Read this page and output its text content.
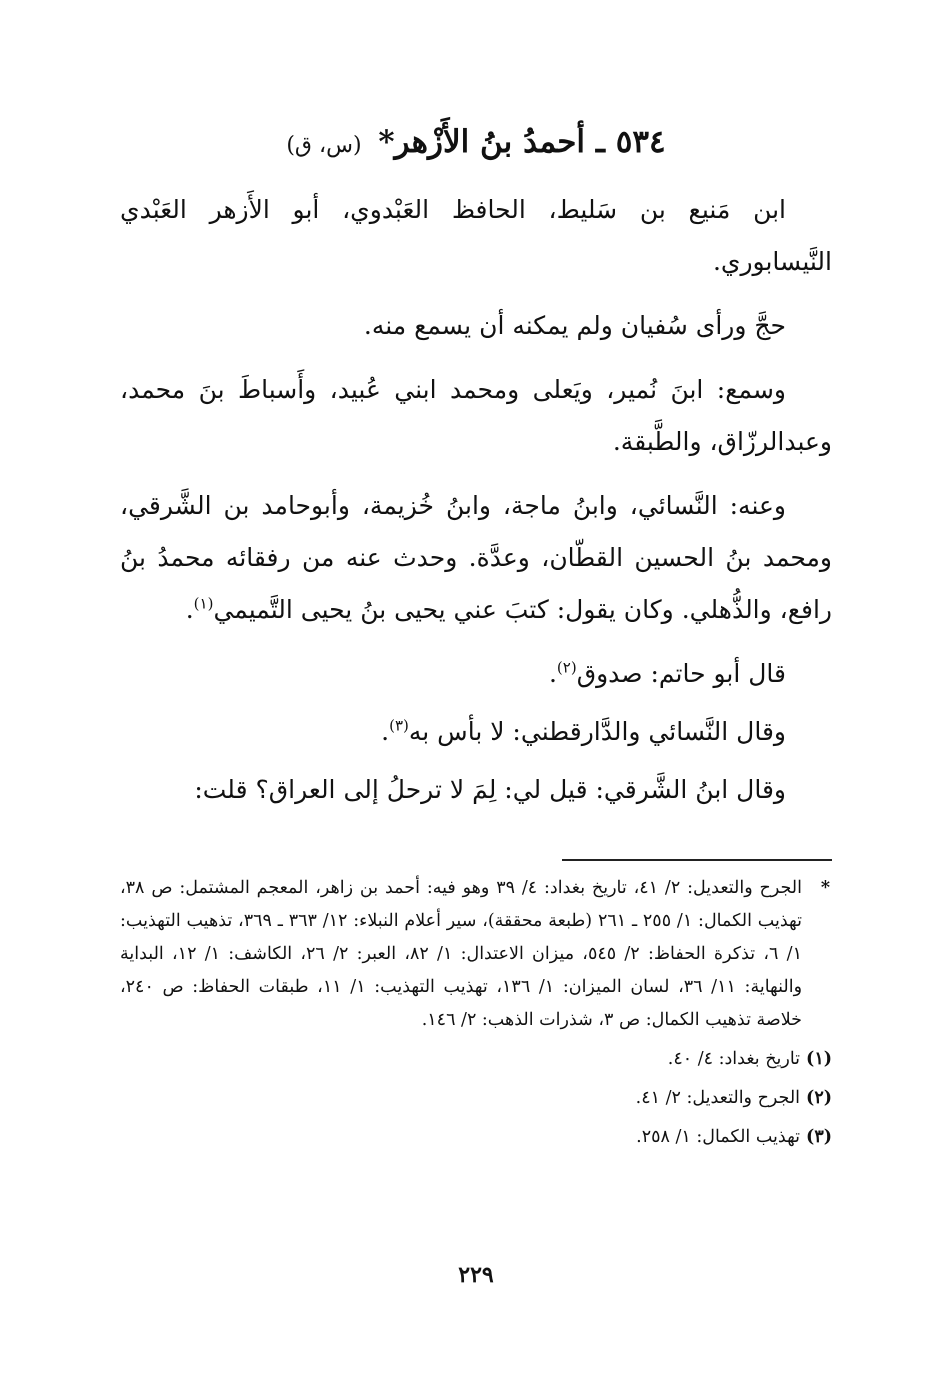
٥٣٤ ـ أحمدُ بنُ الأَزْهر* (س، ق)

ابن مَنيع بن سَليط، الحافظ العَبْدوي، أبو الأَزهر العَبْدي النَّيسابوري.

حجَّ ورأى سُفيان ولم يمكنه أن يسمع منه.

وسمع: ابنَ نُمير، ويَعلى ومحمد ابني عُبيد، وأَسباطَ بنَ محمد، وعبدالرزّاق، والطَّبقة.

وعنه: النَّسائي، وابنُ ماجة، وابنُ خُزيمة، وأبوحامد بن الشَّرقي، ومحمد بنُ الحسين القطّان، وعدَّة. وحدث عنه من رفقائه محمدُ بنُ رافع، والذُّهلي. وكان يقول: كتبَ عني يحيى بنُ يحيى التَّميمي$^{(١)}$.

قال أبو حاتم: صدوق$^{(٢)}$.

وقال النَّسائي والدَّارقطني: لا بأس به$^{(٣)}$.

وقال ابنُ الشَّرقي: قيل لي: لِمَ لا ترحلُ إلى العراق؟ قلت:

*
الجرح والتعديل: ٢/ ٤١، تاريخ بغداد: ٤/ ٣٩ وهو فيه: أحمد بن زاهر، المعجم المشتمل: ص ٣٨، تهذيب الكمال: ١/ ٢٥٥ ـ ٢٦١ (طبعة محققة)، سير أعلام النبلاء: ١٢/ ٣٦٣ ـ ٣٦٩، تذهيب التهذيب: ١/ ٦، تذكرة الحفاظ: ٢/ ٥٤٥، ميزان الاعتدال: ١/ ٨٢، العبر: ٢/ ٢٦، الكاشف: ١/ ١٢، البداية والنهاية: ١١/ ٣٦، لسان الميزان: ١/ ١٣٦، تهذيب التهذيب: ١/ ١١، طبقات الحفاظ: ص ٢٤٠، خلاصة تذهيب الكمال: ص ٣، شذرات الذهب: ٢/ ١٤٦.
(١)تاريخ بغداد: ٤/ ٤٠.
(٢)الجرح والتعديل: ٢/ ٤١.
(٣)تهذيب الكمال: ١/ ٢٥٨.
٢٢٩
